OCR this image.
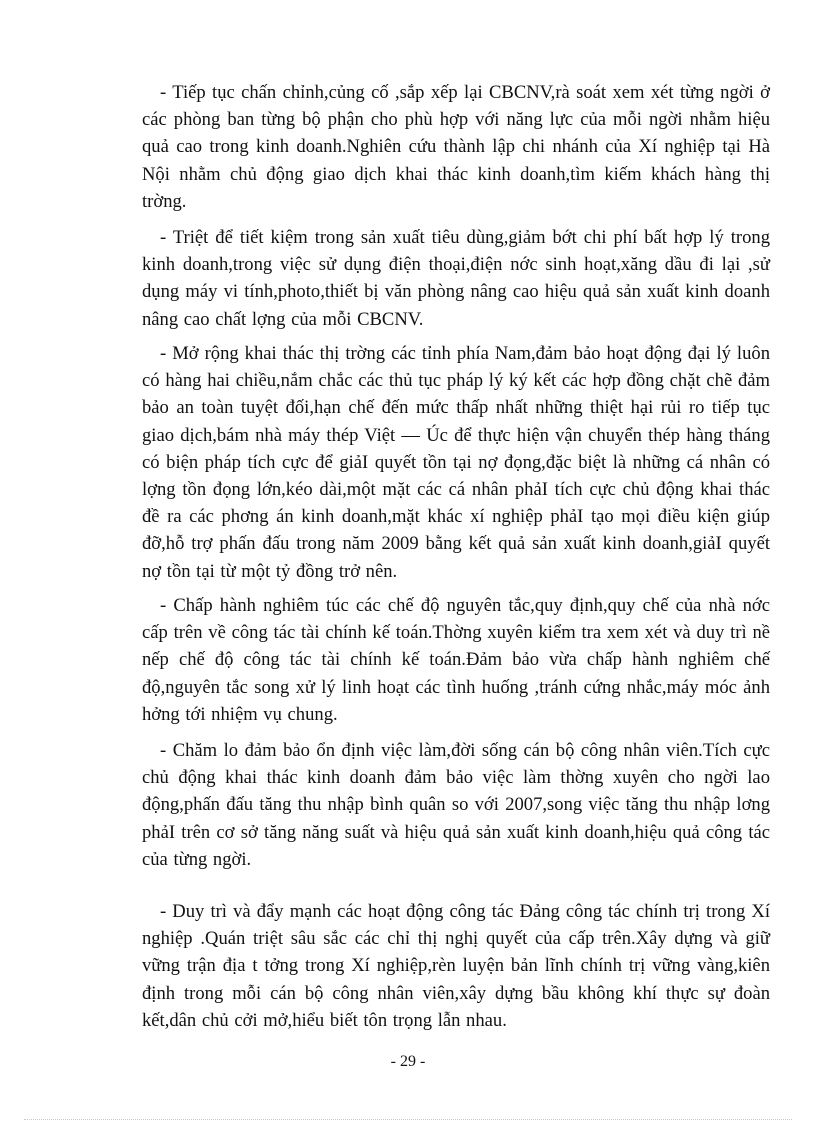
- Tiếp tục chấn chỉnh,củng cố ,sắp xếp lại CBCNV,rà soát xem xét từng ngời ở các phòng ban từng bộ phận cho phù hợp với năng lực của mỗi ngời nhằm hiệu quả cao trong kinh doanh.Nghiên cứu thành lập chi nhánh của Xí nghiệp tại Hà Nội nhằm chủ động giao dịch khai thác kinh doanh,tìm kiếm khách hàng thị trờng.

- Triệt để tiết kiệm trong sản xuất tiêu dùng,giảm bớt chi phí bất hợp lý trong kinh doanh,trong việc sử dụng điện thoại,điện nớc sinh hoạt,xăng dầu đi lại ,sử dụng máy vi tính,photo,thiết bị văn phòng nâng cao hiệu quả sản xuất kinh doanh nâng cao chất lợng của mỗi CBCNV.

- Mở rộng khai thác thị trờng các tỉnh phía Nam,đảm bảo hoạt động đại lý luôn có hàng hai chiều,nắm chắc các thủ tục pháp lý ký kết các hợp đồng chặt chẽ đảm bảo an toàn tuyệt đối,hạn chế đến mức thấp nhất những thiệt hại rủi ro tiếp tục giao dịch,bám nhà máy thép Việt — Úc để thực hiện vận chuyển thép hàng tháng có biện pháp tích cực để giảI quyết tồn tại nợ đọng,đặc biệt là những cá nhân có lợng tồn đọng lớn,kéo dài,một mặt các cá nhân phảI tích cực chủ động khai thác đề ra các phơng án kinh doanh,mặt khác xí nghiệp phảI tạo mọi điều kiện giúp đỡ,hỗ trợ phấn đấu trong năm 2009 bằng kết quả sản xuất kinh doanh,giảI quyết nợ tồn tại từ một tỷ đồng trở nên.

- Chấp hành nghiêm túc các chế độ nguyên tắc,quy định,quy chế của nhà nớc cấp trên về công tác tài chính kế toán.Thờng xuyên kiểm tra xem xét và duy trì nề nếp chế độ công tác tài chính kế toán.Đảm bảo vừa chấp hành nghiêm chế độ,nguyên tắc song xử lý linh hoạt các tình huống ,tránh cứng nhắc,máy móc ảnh hởng tới nhiệm vụ chung.

- Chăm lo đảm bảo ổn định việc làm,đời sống cán bộ công nhân viên.Tích cực chủ động khai thác kinh doanh đảm bảo việc làm thờng xuyên cho ngời lao động,phấn đấu tăng thu nhập bình quân so với 2007,song việc tăng thu nhập lơng phảI trên cơ sở tăng năng suất và hiệu quả sản xuất kinh doanh,hiệu quả công tác của từng ngời.

- Duy trì và đẩy mạnh các hoạt động công tác Đảng công tác chính trị trong Xí nghiệp .Quán triệt sâu sắc các chỉ thị nghị quyết của cấp trên.Xây dựng và giữ vững trận địa t tởng trong Xí nghiệp,rèn luyện bản lĩnh chính trị vững vàng,kiên định trong mỗi cán bộ công nhân viên,xây dựng bầu không khí thực sự đoàn kết,dân chủ cởi mở,hiểu biết tôn trọng lẫn nhau.

- 29 -
